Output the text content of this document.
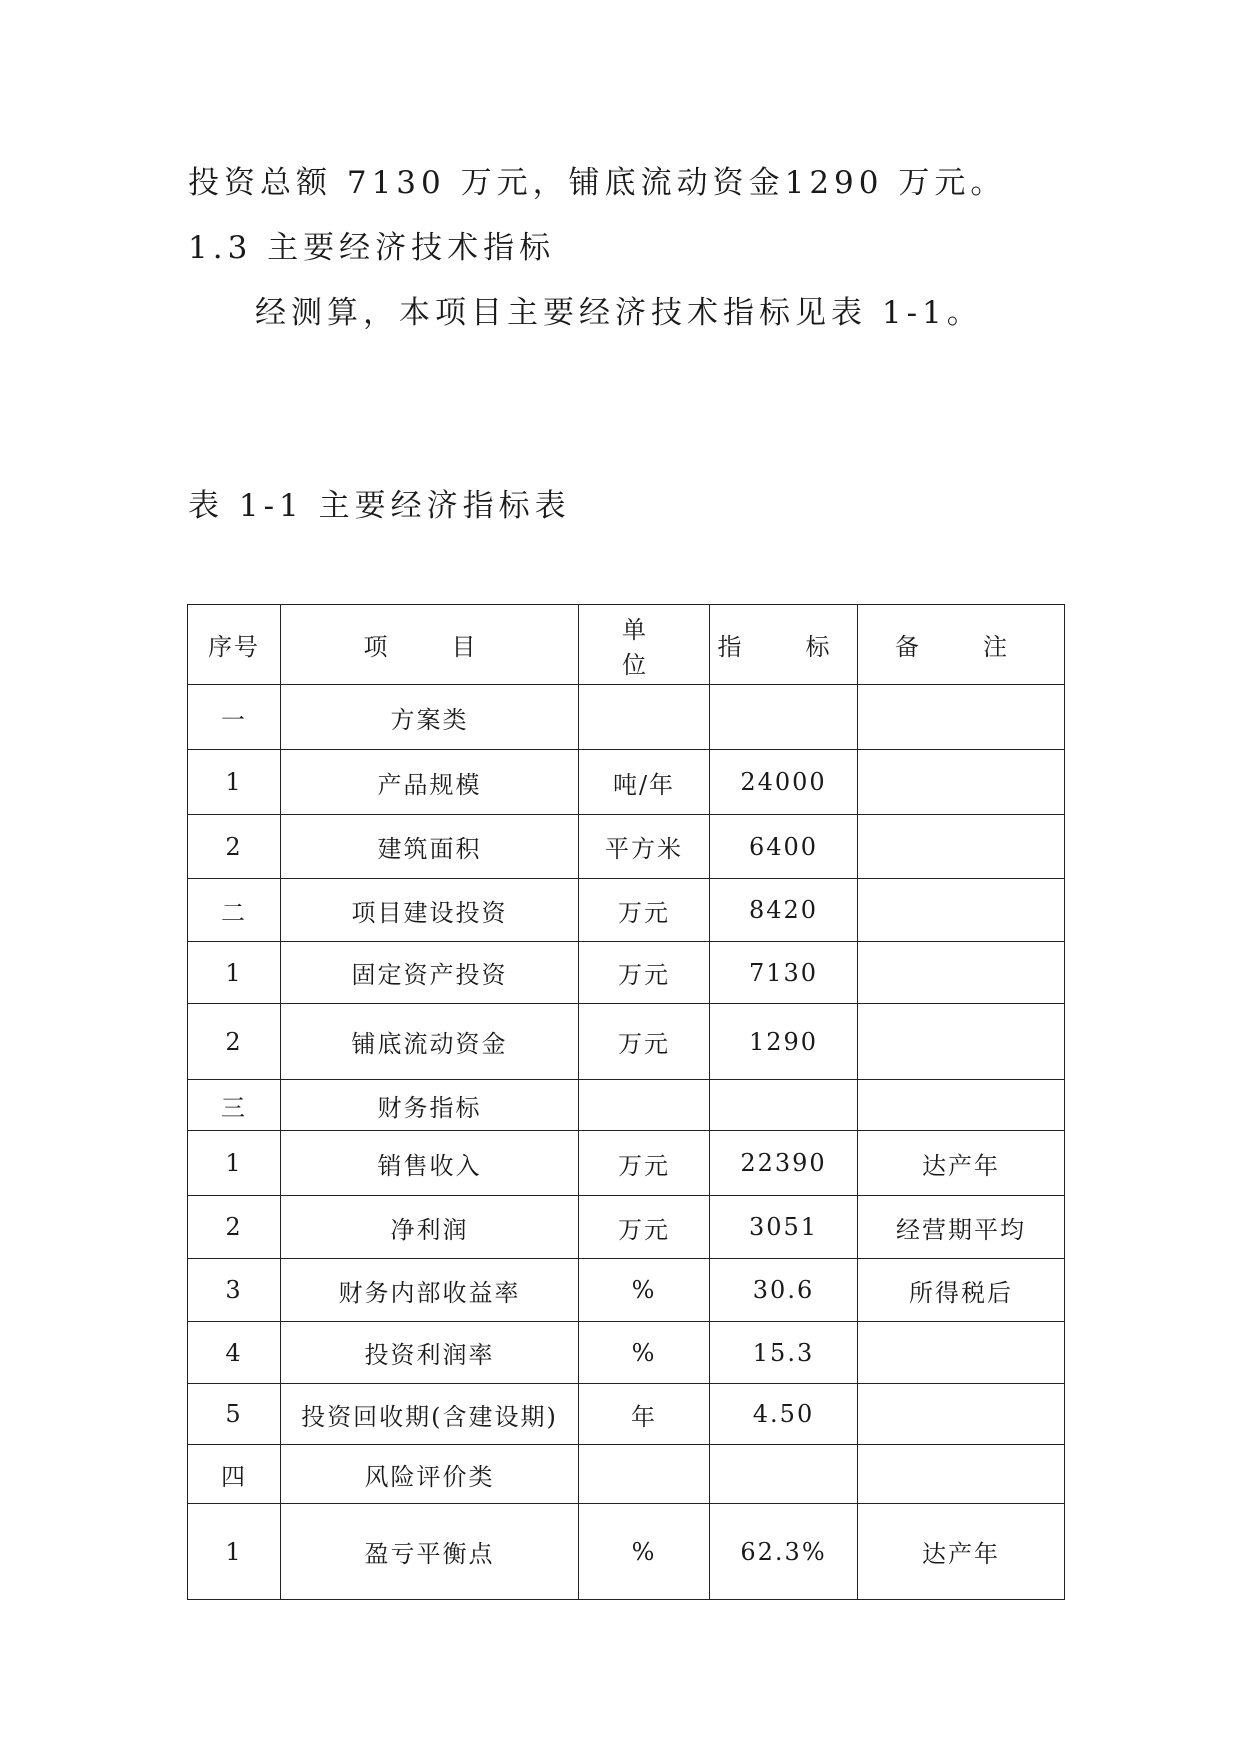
投资总额 7130 万元，铺底流动资金1290 万元。
1.3 主要经济技术指标
经测算，本项目主要经济技术指标见表 1-1。
表 1-1 主要经济指标表
序号	项　目	单　位	指　标	备　注
一	方案类			
1	产品规模	吨/年	24000	
2	建筑面积	平方米	6400	
二	项目建设投资	万元	8420	
1	固定资产投资	万元	7130	
2	铺底流动资金	万元	1290	
三	财务指标			
1	销售收入	万元	22390	达产年
2	净利润	万元	3051	经营期平均
3	财务内部收益率	%	30.6	所得税后
4	投资利润率	%	15.3	
5	投资回收期(含建设期)	年	4.50	
四	风险评价类			
1	盈亏平衡点	%	62.3%	达产年
